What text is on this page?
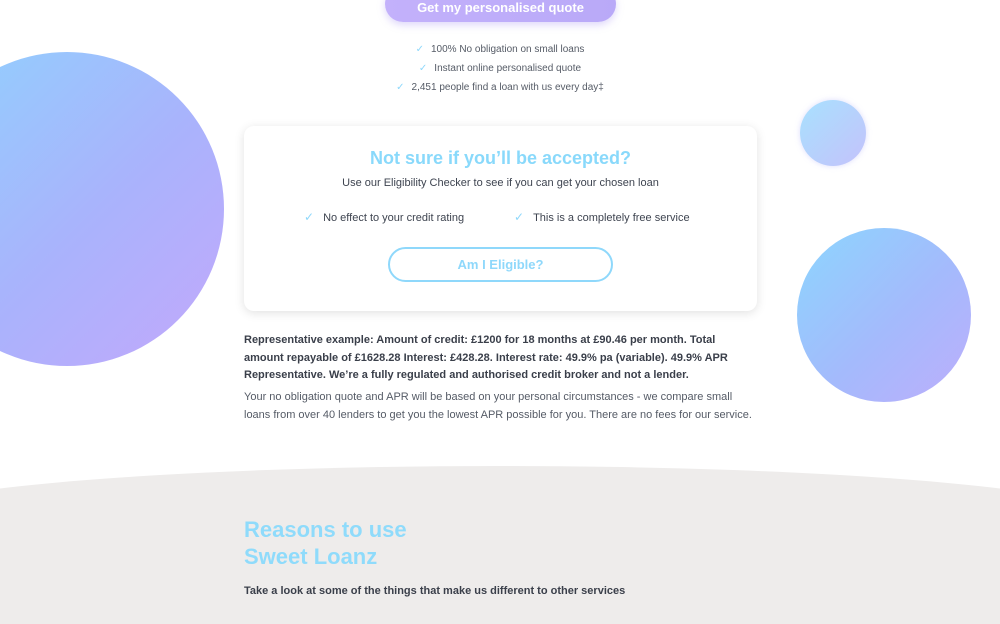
Get my personalised quote
✓ 100% No obligation on small loans
✓ Instant online personalised quote
✓ 2,451 people find a loan with us every day‡
Not sure if you’ll be accepted?
Use our Eligibility Checker to see if you can get your chosen loan
✓ No effect to your credit rating	✓ This is a completely free service
Am I Eligible?

Representative example: Amount of credit: £1200 for 18 months at £90.46 per month. Total amount repayable of £1628.28 Interest: £428.28. Interest rate: 49.9% pa (variable). 49.9% APR Representative. We’re a fully regulated and authorised credit broker and not a lender.

Your no obligation quote and APR will be based on your personal circumstances - we compare small loans from over 40 lenders to get you the lowest APR possible for you. There are no fees for our service.

Reasons to use
Sweet Loanz

Take a look at some of the things that make us different to other services
